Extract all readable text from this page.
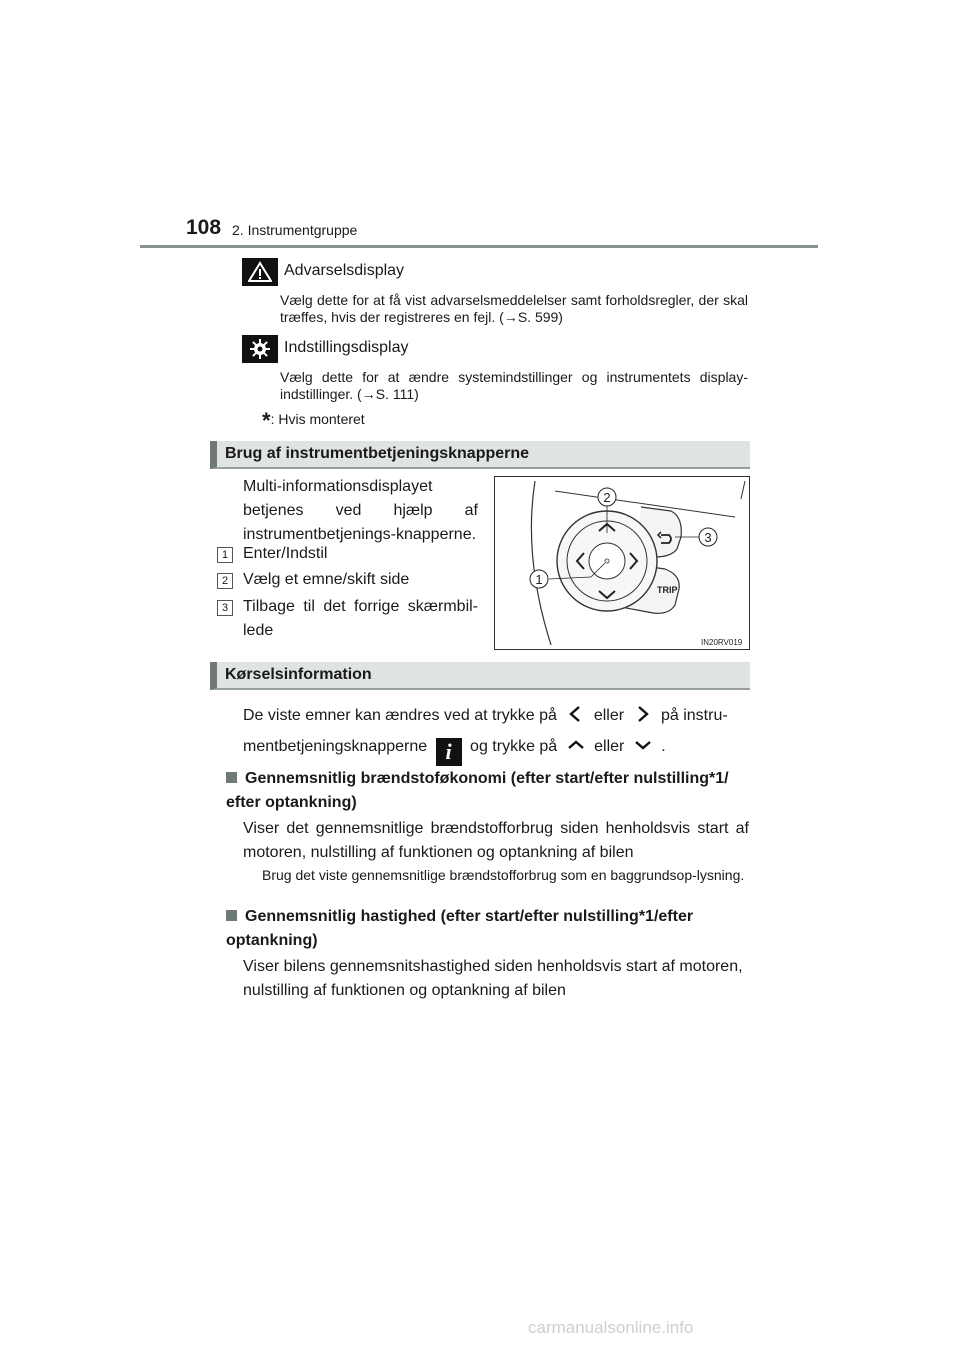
108 2. Instrumentgruppe
Advarselsdisplay
Vælg dette for at få vist advarselsmeddelelser samt forholdsregler, der skal træffes, hvis der registreres en fejl. (→S. 599)
Indstillingsdisplay
Vælg dette for at ændre systemindstillinger og instrumentets display-indstillinger. (→S. 111)
*: Hvis monteret
Brug af instrumentbetjeningsknapperne
Multi-informationsdisplayet betjenes ved hjælp af instrumentbetjenings-knapperne.
1 Enter/Indstil
2 Vælg et emne/skift side
3 Tilbage til det forrige skærmbil-lede
TRIP
2
3
1
IN20RV019
Kørselsinformation
De viste emner kan ændres ved at trykke på eller på instru-
mentbetjeningsknapperne i og trykke på eller .
Gennemsnitlig brændstoføkonomi (efter start/efter nulstilling*1/ efter optankning)
Viser det gennemsnitlige brændstofforbrug siden henholdsvis start af motoren, nulstilling af funktionen og optankning af bilen
Brug det viste gennemsnitlige brændstofforbrug som en baggrundsop-lysning.
Gennemsnitlig hastighed (efter start/efter nulstilling*1/efter optankning)
Viser bilens gennemsnitshastighed siden henholdsvis start af motoren, nulstilling af funktionen og optankning af bilen
carmanualsonline.info
